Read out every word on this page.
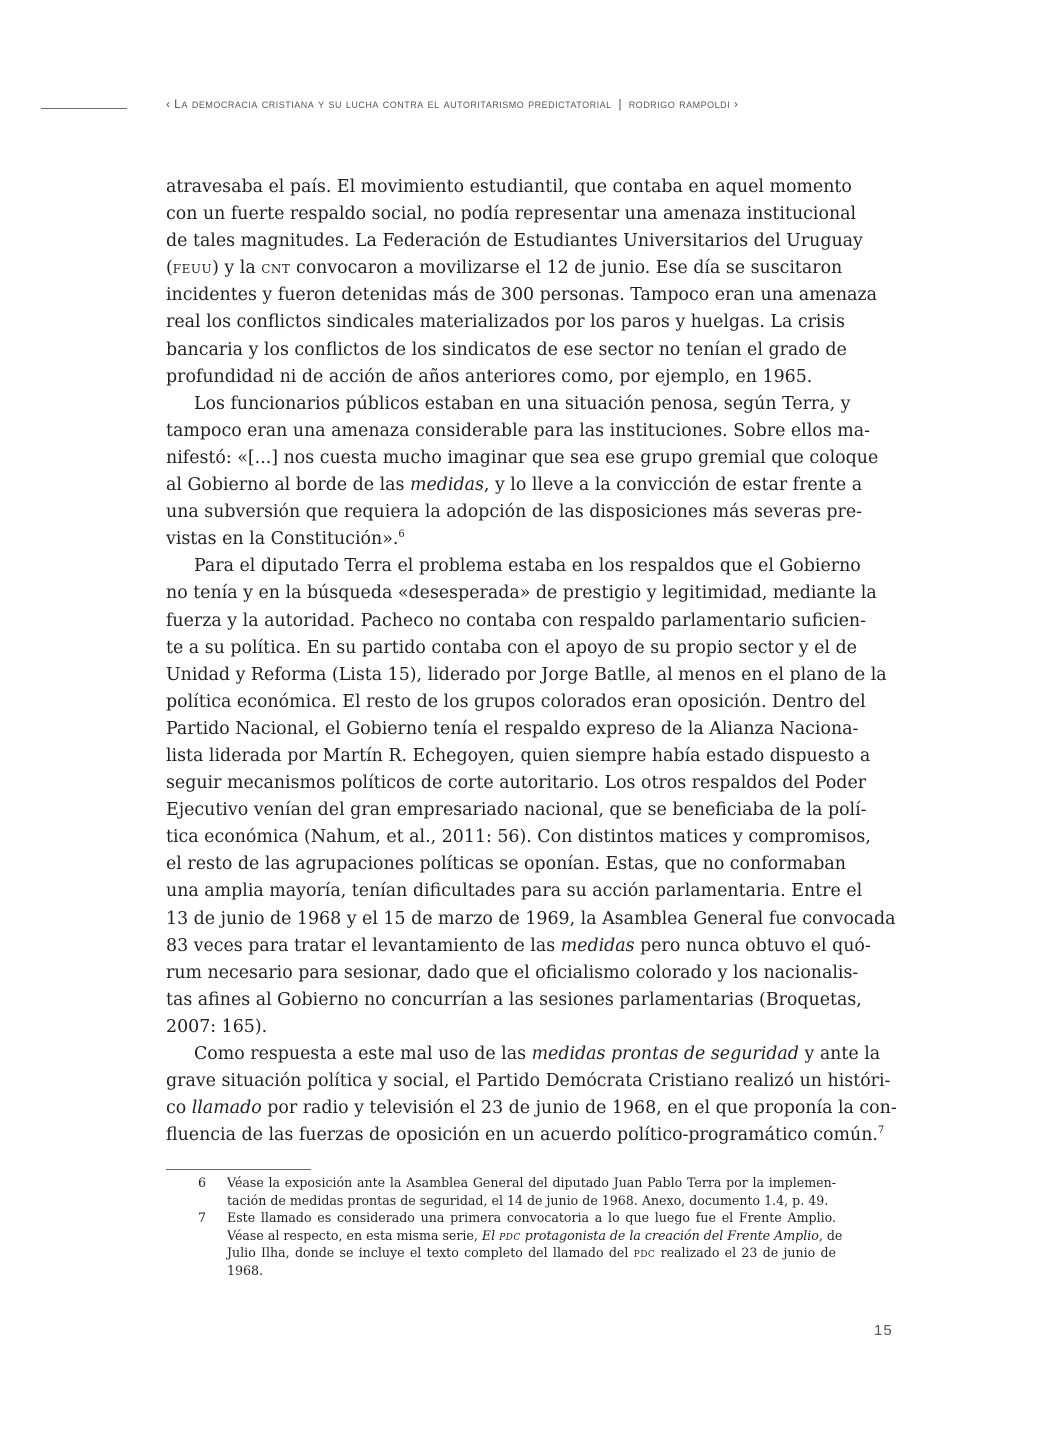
‹ La democracia cristiana y su lucha contra el autoritarismo predictatorial | rodrigo rampoldi ›

atravesaba el país. El movimiento estudiantil, que contaba en aquel momento
con un fuerte respaldo social, no podía representar una amenaza institucional
de tales magnitudes. La Federación de Estudiantes Universitarios del Uruguay
(feuu) y la cnt convocaron a movilizarse el 12 de junio. Ese día se suscitaron
incidentes y fueron detenidas más de 300 personas. Tampoco eran una amenaza
real los conflictos sindicales materializados por los paros y huelgas. La crisis
bancaria y los conflictos de los sindicatos de ese sector no tenían el grado de
profundidad ni de acción de años anteriores como, por ejemplo, en 1965.

Los funcionarios públicos estaban en una situación penosa, según Terra, y
tampoco eran una amenaza considerable para las instituciones. Sobre ellos ma-
nifestó: «[...] nos cuesta mucho imaginar que sea ese grupo gremial que coloque
al Gobierno al borde de las medidas, y lo lleve a la convicción de estar frente a
una subversión que requiera la adopción de las disposiciones más severas pre-
vistas en la Constitución».$^6$

Para el diputado Terra el problema estaba en los respaldos que el Gobierno
no tenía y en la búsqueda «desesperada» de prestigio y legitimidad, mediante la
fuerza y la autoridad. Pacheco no contaba con respaldo parlamentario suficien-
te a su política. En su partido contaba con el apoyo de su propio sector y el de
Unidad y Reforma (Lista 15), liderado por Jorge Batlle, al menos en el plano de la
política económica. El resto de los grupos colorados eran oposición. Dentro del
Partido Nacional, el Gobierno tenía el respaldo expreso de la Alianza Naciona-
lista liderada por Martín R. Echegoyen, quien siempre había estado dispuesto a
seguir mecanismos políticos de corte autoritario. Los otros respaldos del Poder
Ejecutivo venían del gran empresariado nacional, que se beneficiaba de la polí-
tica económica (Nahum, et al., 2011: 56). Con distintos matices y compromisos,
el resto de las agrupaciones políticas se oponían. Estas, que no conformaban
una amplia mayoría, tenían dificultades para su acción parlamentaria. Entre el
13 de junio de 1968 y el 15 de marzo de 1969, la Asamblea General fue convocada
83 veces para tratar el levantamiento de las medidas pero nunca obtuvo el quó-
rum necesario para sesionar, dado que el oficialismo colorado y los nacionalis-
tas afines al Gobierno no concurrían a las sesiones parlamentarias (Broquetas,
2007: 165).

Como respuesta a este mal uso de las medidas prontas de seguridad y ante la
grave situación política y social, el Partido Demócrata Cristiano realizó un históri-
co llamado por radio y televisión el 23 de junio de 1968, en el que proponía la con-
fluencia de las fuerzas de oposición en un acuerdo político-programático común.$^7$

6 Véase la exposición ante la Asamblea General del diputado Juan Pablo Terra por la implemen-
tación de medidas prontas de seguridad, el 14 de junio de 1968. Anexo, documento 1.4, p. 49.
7 Este llamado es considerado una primera convocatoria a lo que luego fue el Frente Amplio.
Véase al respecto, en esta misma serie, El pdc protagonista de la creación del Frente Amplio, de
Julio Ilha, donde se incluye el texto completo del llamado del pdc realizado el 23 de junio de
1968.
15
